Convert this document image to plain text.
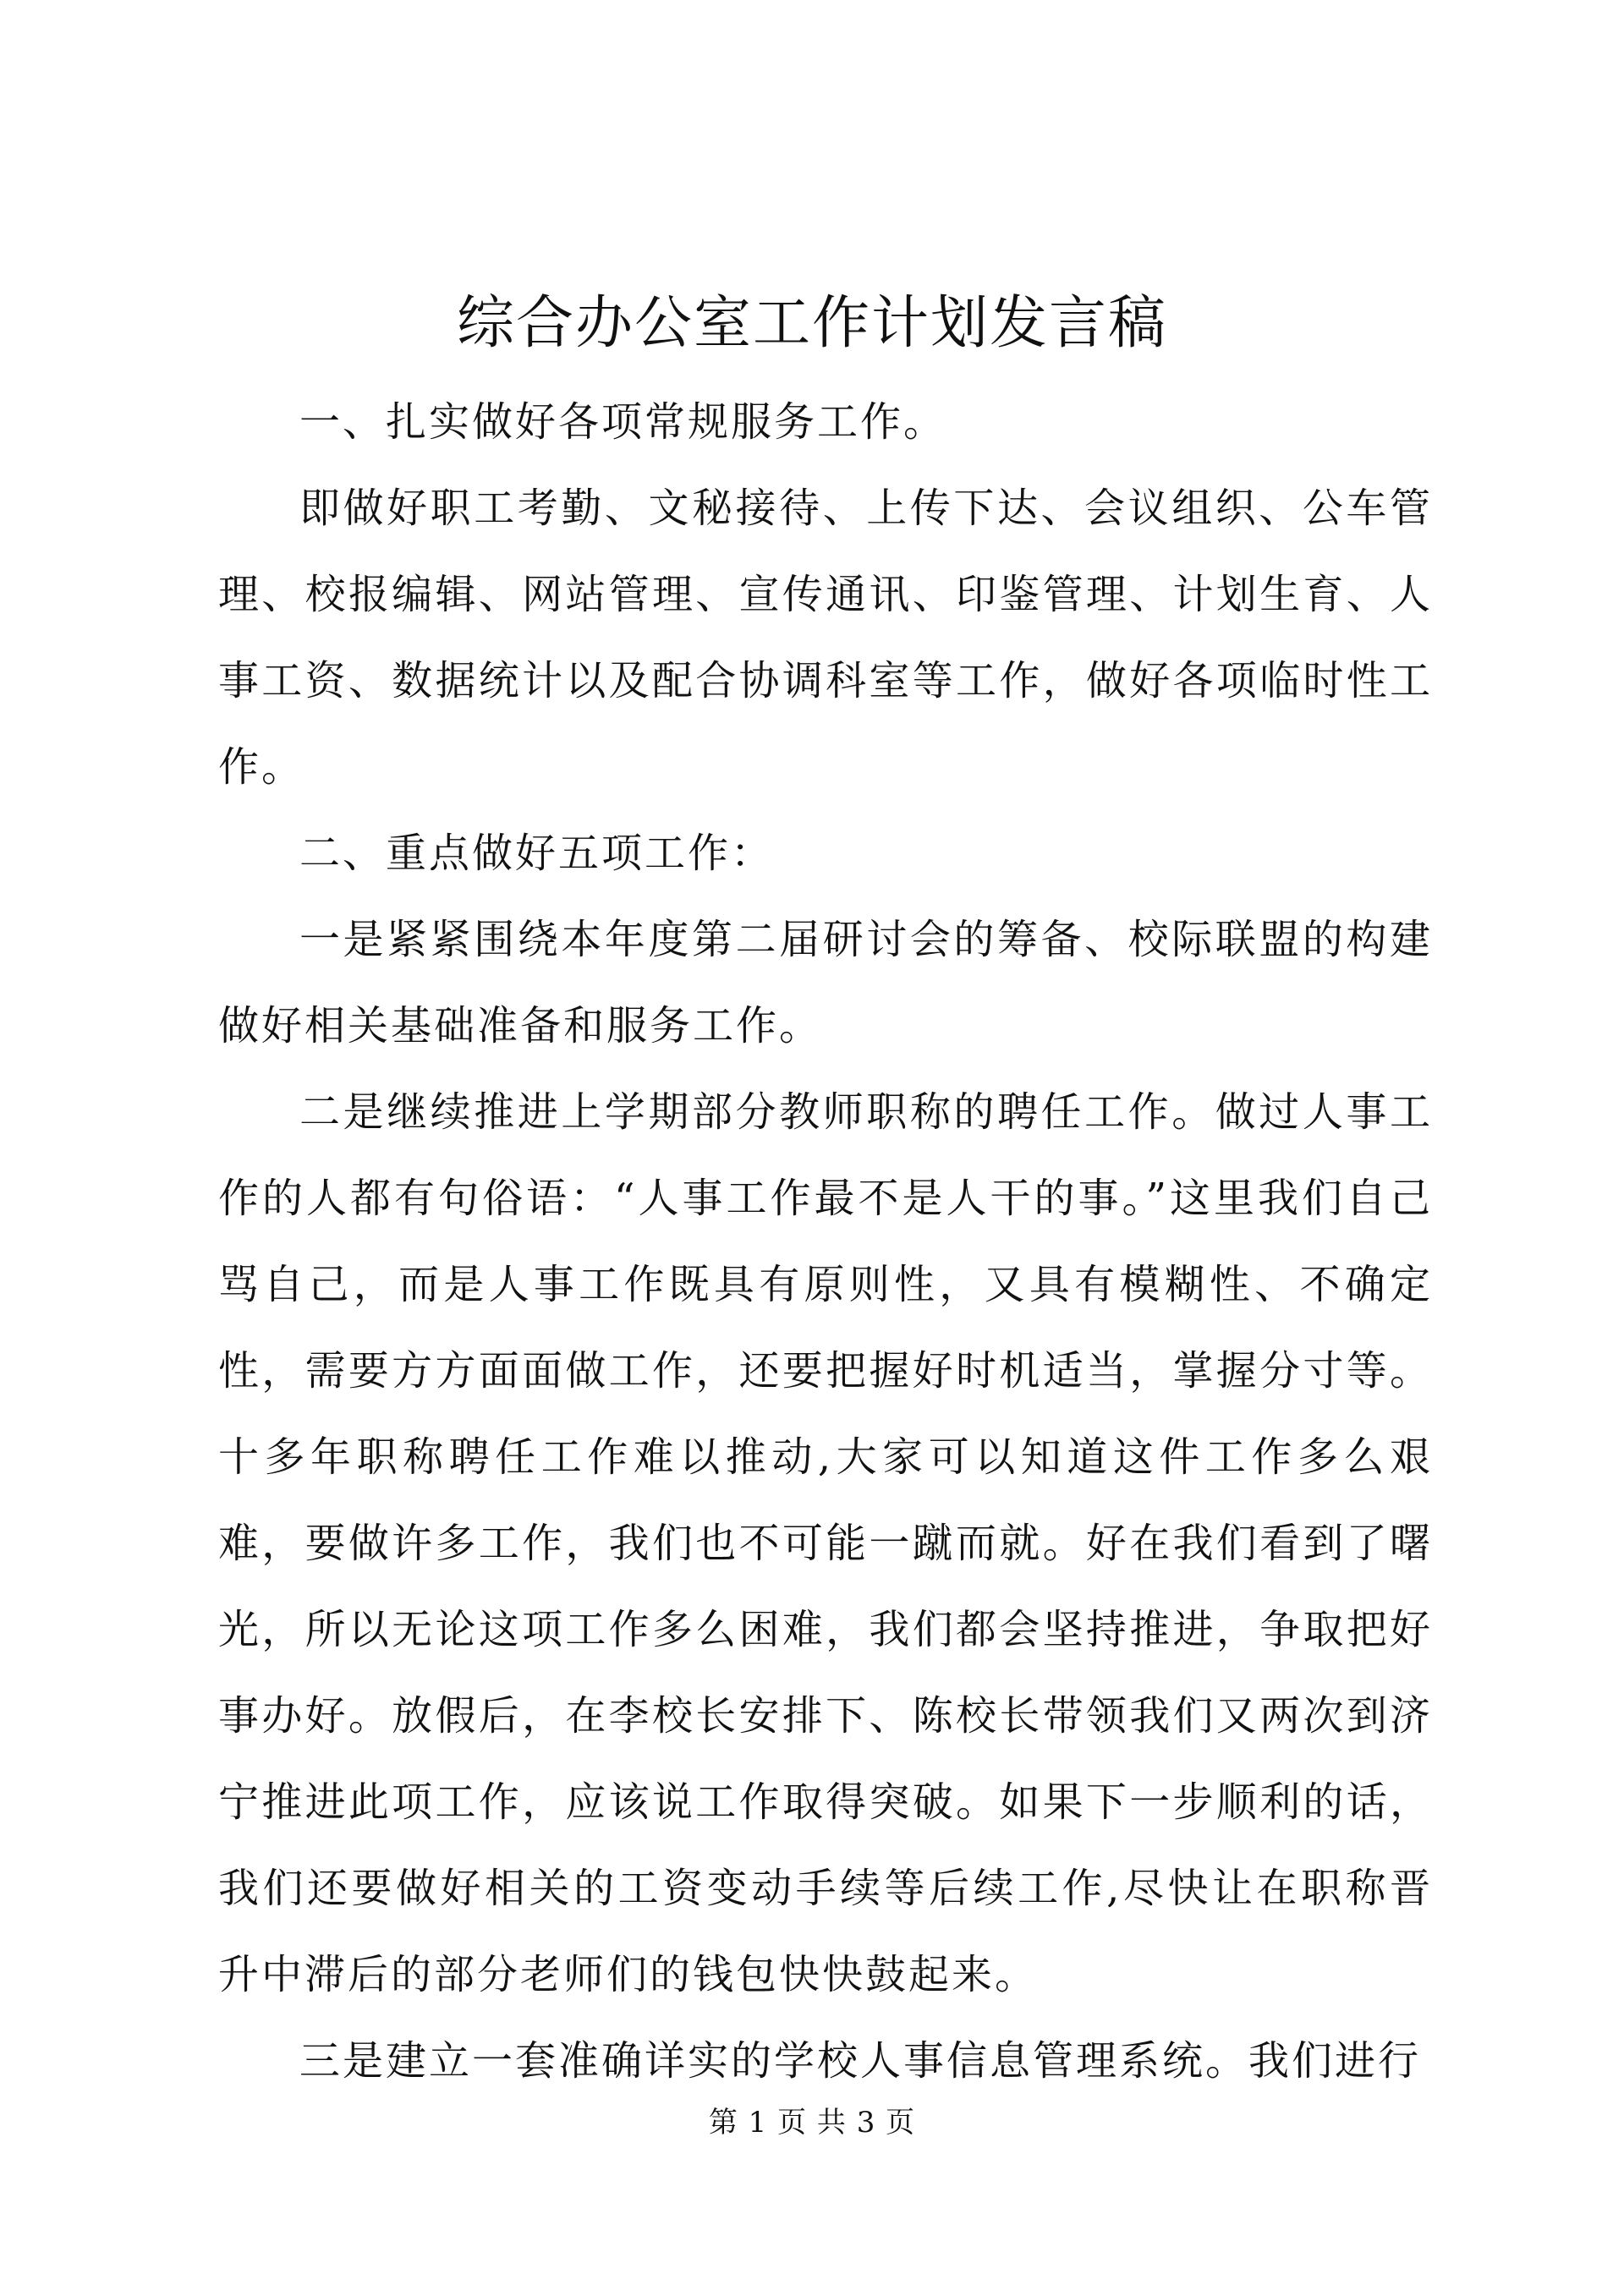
综合办公室工作计划发言稿

一、扎实做好各项常规服务工作。

即做好职工考勤、文秘接待、上传下达、会议组织、公车管理、校报编辑、网站管理、宣传通讯、印鉴管理、计划生育、人事工资、数据统计以及配合协调科室等工作，做好各项临时性工作。

二、重点做好五项工作：

一是紧紧围绕本年度第二届研讨会的筹备、校际联盟的构建做好相关基础准备和服务工作。

二是继续推进上学期部分教师职称的聘任工作。做过人事工作的人都有句俗语：“人事工作最不是人干的事。”这里我们自己骂自己，而是人事工作既具有原则性，又具有模糊性、不确定性，需要方方面面做工作，还要把握好时机适当，掌握分寸等。十多年职称聘任工作难以推动,大家可以知道这件工作多么艰难，要做许多工作，我们也不可能一蹴而就。好在我们看到了曙光，所以无论这项工作多么困难，我们都会坚持推进，争取把好事办好。放假后，在李校长安排下、陈校长带领我们又两次到济宁推进此项工作，应该说工作取得突破。如果下一步顺利的话，我们还要做好相关的工资变动手续等后续工作,尽快让在职称晋升中滞后的部分老师们的钱包快快鼓起来。

三是建立一套准确详实的学校人事信息管理系统。我们进行

第 1 页 共 3 页
